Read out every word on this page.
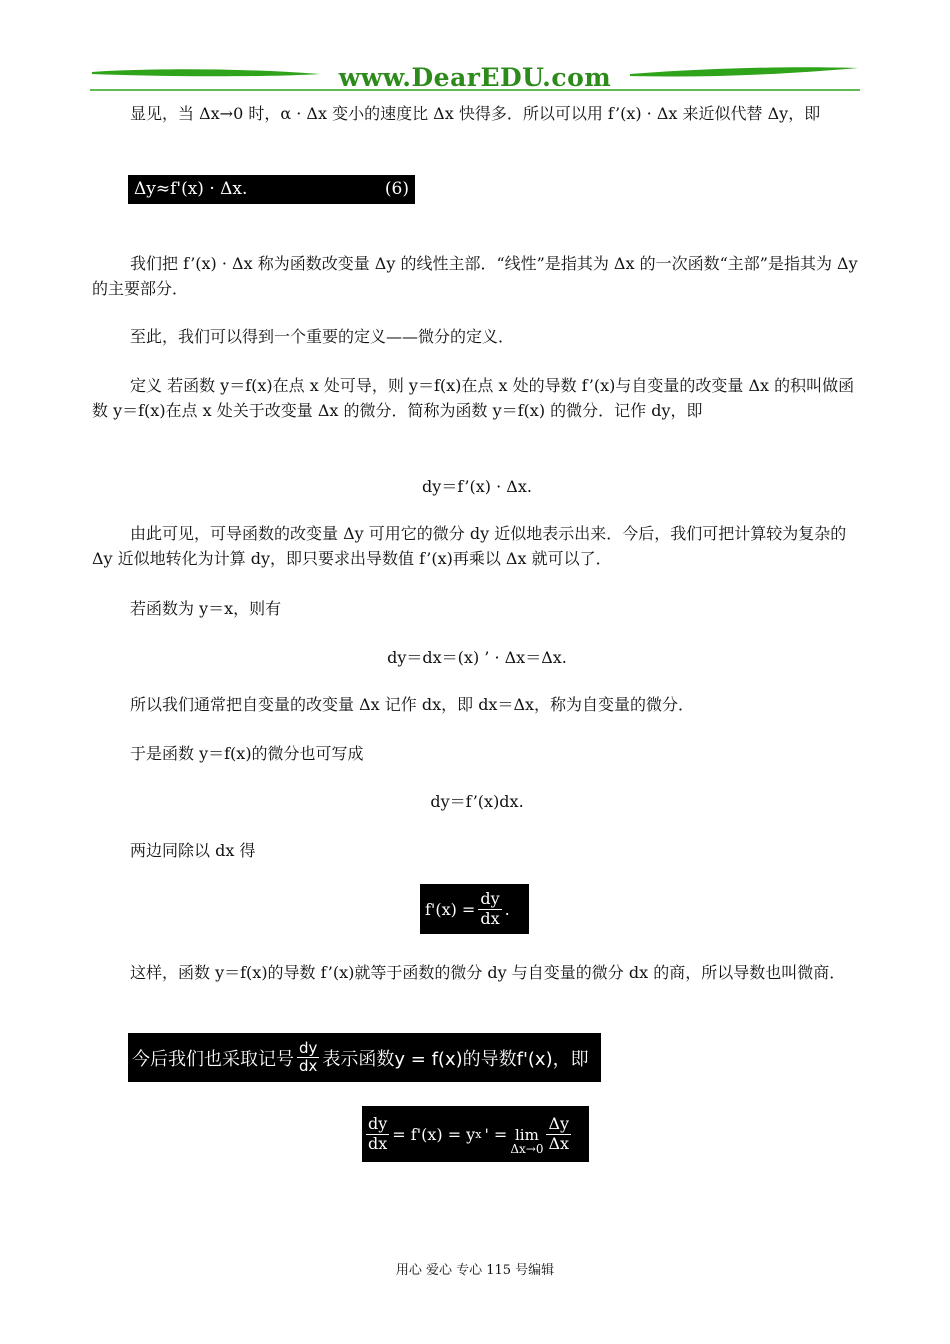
www.DearEDU.com

显见，当 Δx→0 时，α · Δx 变小的速度比 Δx 快得多．所以可以用 f’(x) · Δx 来近似代替 Δy，即

Δy≈f'(x) · Δx.	(6)

我们把 f’(x) · Δx 称为函数改变量 Δy 的线性主部．“线性”是指其为 Δx 的一次函数“主部”是指其为 Δy 的主要部分．

至此，我们可以得到一个重要的定义——微分的定义．

定义 若函数 y＝f(x)在点 x 处可导，则 y＝f(x)在点 x 处的导数 f’(x)与自变量的改变量 Δx 的积叫做函数 y＝f(x)在点 x 处关于改变量 Δx 的微分．简称为函数 y＝f(x) 的微分．记作 dy，即

dy＝f’(x) · Δx.

由此可见，可导函数的改变量 Δy 可用它的微分 dy 近似地表示出来．今后，我们可把计算较为复杂的 Δy 近似地转化为计算 dy，即只要求出导数值 f’(x)再乘以 Δx 就可以了．

若函数为 y＝x，则有

dy＝dx＝(x) ’ · Δx＝Δx.

所以我们通常把自变量的改变量 Δx 记作 dx，即 dx＝Δx，称为自变量的微分．

于是函数 y＝f(x)的微分也可写成

dy＝f’(x)dx.

两边同除以 dx 得

$f'(x) = \frac{dy}{dx}$ .

这样，函数 y＝f(x)的导数 f’(x)就等于函数的微分 dy 与自变量的微分 dx 的商，所以导数也叫微商．

今后我们也采取记号 $\frac{dy}{dx}$ 表示函数y = f(x)的导数f'(x)，即
$\frac{dy}{dx} = f'(x) = y$ x ' = lim
$\Delta x\to 0 \frac{\Delta y}{\Delta x}$
用心 爱心 专心 115 号编辑
